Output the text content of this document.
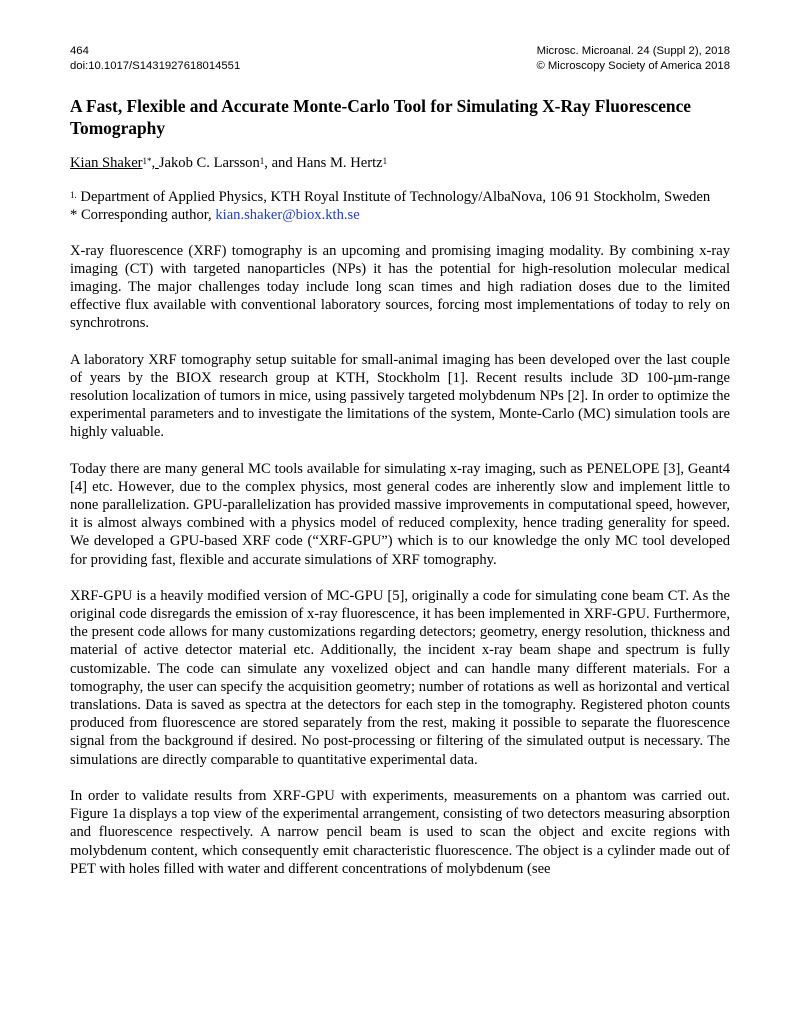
464
doi:10.1017/S1431927618014551
Microsc. Microanal. 24 (Suppl 2), 2018
© Microscopy Society of America 2018
A Fast, Flexible and Accurate Monte-Carlo Tool for Simulating X-Ray Fluorescence Tomography
Kian Shaker$^{1*}$, Jakob C. Larsson$^1$, and Hans M. Hertz$^1$
$^{1.}$ Department of Applied Physics, KTH Royal Institute of Technology/AlbaNova, 106 91 Stockholm, Sweden
* Corresponding author, kian.shaker@biox.kth.se

X-ray fluorescence (XRF) tomography is an upcoming and promising imaging modality. By combining x-ray imaging (CT) with targeted nanoparticles (NPs) it has the potential for high-resolution molecular medical imaging. The major challenges today include long scan times and high radiation doses due to the limited effective flux available with conventional laboratory sources, forcing most implementations of today to rely on synchrotrons.

A laboratory XRF tomography setup suitable for small-animal imaging has been developed over the last couple of years by the BIOX research group at KTH, Stockholm [1]. Recent results include 3D 100-µm-range resolution localization of tumors in mice, using passively targeted molybdenum NPs [2]. In order to optimize the experimental parameters and to investigate the limitations of the system, Monte-Carlo (MC) simulation tools are highly valuable.

Today there are many general MC tools available for simulating x-ray imaging, such as PENELOPE [3], Geant4 [4] etc. However, due to the complex physics, most general codes are inherently slow and implement little to none parallelization. GPU-parallelization has provided massive improvements in computational speed, however, it is almost always combined with a physics model of reduced complexity, hence trading generality for speed. We developed a GPU-based XRF code (“XRF-GPU”) which is to our knowledge the only MC tool developed for providing fast, flexible and accurate simulations of XRF tomography.

XRF-GPU is a heavily modified version of MC-GPU [5], originally a code for simulating cone beam CT. As the original code disregards the emission of x-ray fluorescence, it has been implemented in XRF-GPU. Furthermore, the present code allows for many customizations regarding detectors; geometry, energy resolution, thickness and material of active detector material etc. Additionally, the incident x-ray beam shape and spectrum is fully customizable. The code can simulate any voxelized object and can handle many different materials. For a tomography, the user can specify the acquisition geometry; number of rotations as well as horizontal and vertical translations. Data is saved as spectra at the detectors for each step in the tomography. Registered photon counts produced from fluorescence are stored separately from the rest, making it possible to separate the fluorescence signal from the background if desired. No post-processing or filtering of the simulated output is necessary. The simulations are directly comparable to quantitative experimental data.

In order to validate results from XRF-GPU with experiments, measurements on a phantom was carried out. Figure 1a displays a top view of the experimental arrangement, consisting of two detectors measuring absorption and fluorescence respectively. A narrow pencil beam is used to scan the object and excite regions with molybdenum content, which consequently emit characteristic fluorescence. The object is a cylinder made out of PET with holes filled with water and different concentrations of molybdenum (see
